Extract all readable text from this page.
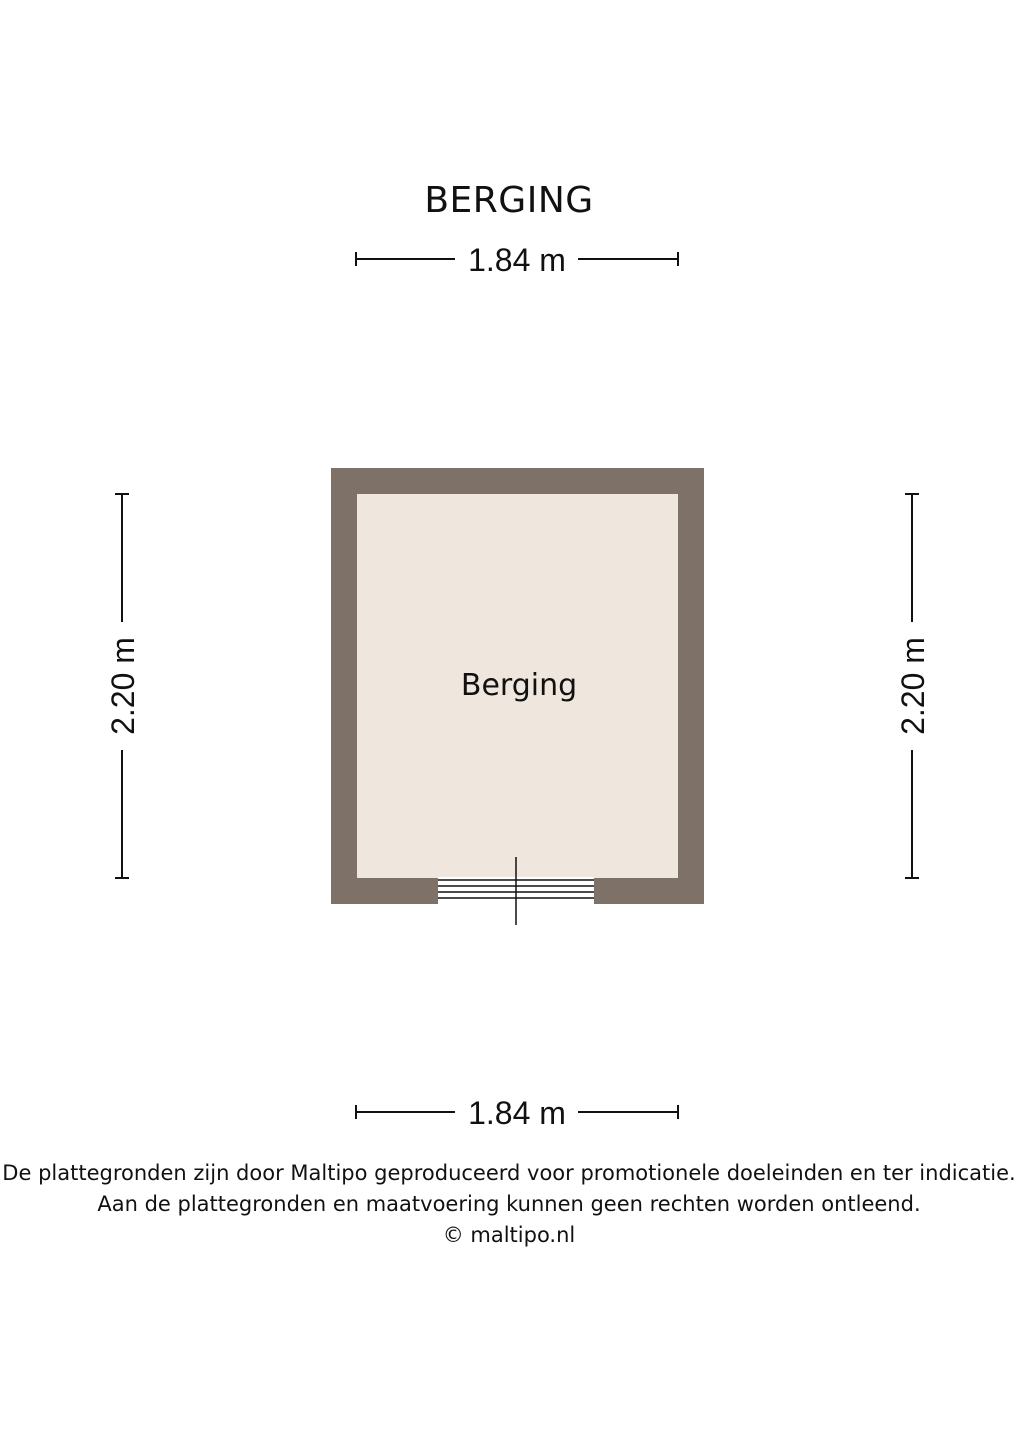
BERGING
1.84 m
2.20 m	2.20 m
Berging
1.84 m
De plattegronden zijn door Maltipo geproduceerd voor promotionele doeleinden en ter indicatie.
Aan de plattegronden en maatvoering kunnen geen rechten worden ontleend.
© maltipo.nl
